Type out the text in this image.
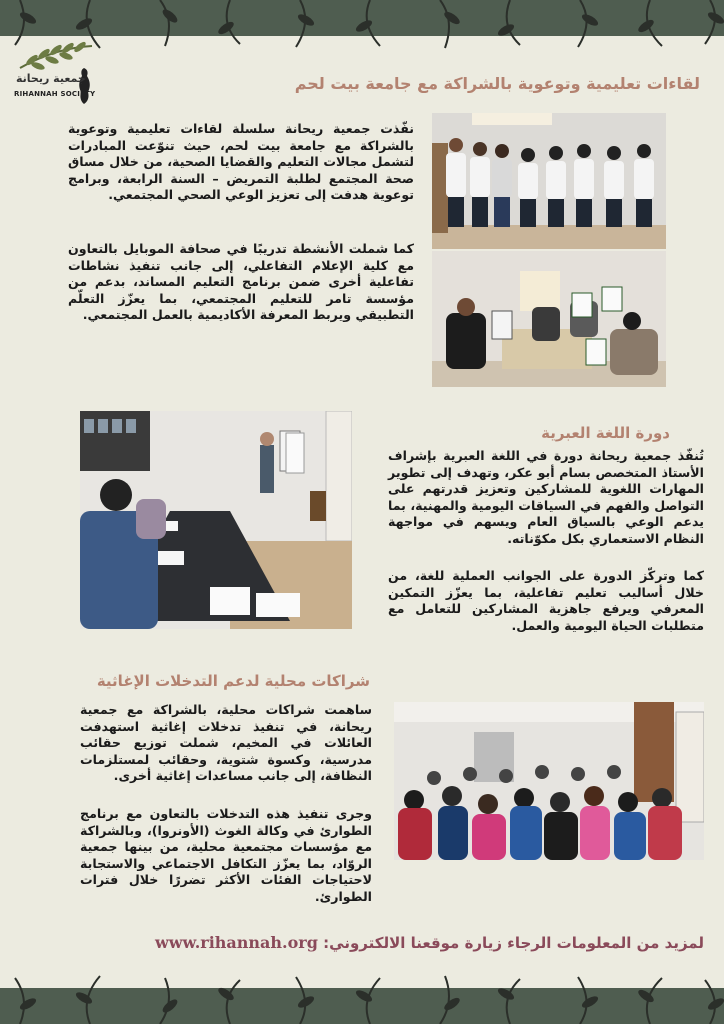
جمعية ريحانة
RIHANNAH SOCIETY
لقاءات تعليمية وتوعوية بالشراكة مع جامعة بيت لحم

نفّذت جمعية ريحانة سلسلة لقاءات تعليمية وتوعوية بالشراكة مع جامعة بيت لحم، حيث تنوّعت المبادرات لتشمل مجالات التعليم والقضايا الصحية، من خلال مساق صحة المجتمع لطلبة التمريض – السنة الرابعة، وبرامج توعوية هدفت إلى تعزيز الوعي الصحي المجتمعي.

كما شملت الأنشطة تدريبًا في صحافة الموبايل بالتعاون مع كلية الإعلام التفاعلي، إلى جانب تنفيذ نشاطات تفاعلية أخرى ضمن برنامج التعليم المساند، بدعم من مؤسسة تامر للتعليم المجتمعي، بما يعزّز التعلّم التطبيقي ويربط المعرفة الأكاديمية بالعمل المجتمعي.

دورة اللغة العبرية

تُنفّذ جمعية ريحانة دورة في اللغة العبرية بإشراف الأستاذ المتخصص بسام أبو عكر، وتهدف إلى تطوير المهارات اللغوية للمشاركين وتعزيز قدرتهم على التواصل والفهم في السياقات اليومية والمهنية، بما يدعم الوعي بالسياق العام ويسهم في مواجهة النظام الاستعماري بكل مكوّناته.

كما وتركّز الدورة على الجوانب العملية للغة، من خلال أساليب تعليم تفاعلية، بما يعزّز التمكين المعرفي ويرفع جاهزية المشاركين للتعامل مع متطلبات الحياة اليومية والعمل.

شراكات محلية لدعم التدخلات الإغاثية

ساهمت شراكات محلية، بالشراكة مع جمعية ريحانة، في تنفيذ تدخلات إغاثية استهدفت العائلات في المخيم، شملت توزيع حقائب مدرسية، وكسوة شتوية، وحقائب لمستلزمات النظافة، إلى جانب مساعدات إغاثية أخرى.

وجرى تنفيذ هذه التدخلات بالتعاون مع برنامج الطوارئ في وكالة الغوث (الأونروا)، وبالشراكة مع مؤسسات مجتمعية محلية، من بينها جمعية الروّاد، بما يعزّز التكافل الاجتماعي والاستجابة لاحتياجات الفئات الأكثر تضررًا خلال فترات الطوارئ.

لمزيد من المعلومات الرجاء زيارة موقعنا الالكتروني: www.rihannah.org
